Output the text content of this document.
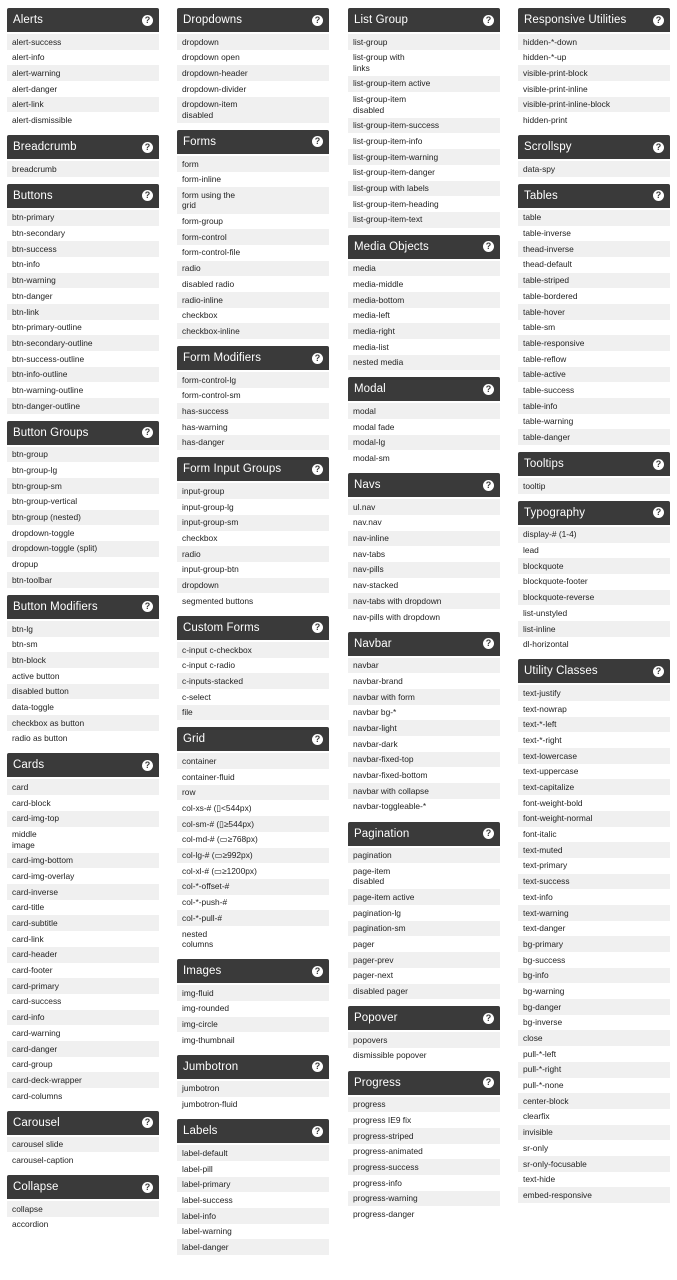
Alerts	?
alert-success
alert-info
alert-warning
alert-danger
alert-link
alert-dismissible
Breadcrumb	?
breadcrumb
Buttons	?
btn-primary
btn-secondary
btn-success
btn-info
btn-warning
btn-danger
btn-link
btn-primary-outline
btn-secondary-outline
btn-success-outline
btn-info-outline
btn-warning-outline
btn-danger-outline
Button Groups	?
btn-group
btn-group-lg
btn-group-sm
btn-group-vertical
btn-group (nested)
dropdown-toggle
dropdown-toggle (split)
dropup
btn-toolbar
Button Modifiers	?
btn-lg
btn-sm
btn-block
active button
disabled button
data-toggle
checkbox as button
radio as button
Cards	?
card
card-block
card-img-top
middle
image
card-img-bottom
card-img-overlay
card-inverse
card-title
card-subtitle
card-link
card-header
card-footer
card-primary
card-success
card-info
card-warning
card-danger
card-group
card-deck-wrapper
card-columns
Carousel	?
carousel slide
carousel-caption
Collapse	?
collapse
accordion
Dropdowns	?
dropdown
dropdown open
dropdown-header
dropdown-divider
dropdown-item
disabled
Forms	?
form
form-inline
form using the
grid
form-group
form-control
form-control-file
radio
disabled radio
radio-inline
checkbox
checkbox-inline
Form Modifiers	?
form-control-lg
form-control-sm
has-success
has-warning
has-danger
Form Input Groups	?
input-group
input-group-lg
input-group-sm
checkbox
radio
input-group-btn
dropdown
segmented buttons
Custom Forms	?
c-input c-checkbox
c-input c-radio
c-inputs-stacked
c-select
file
Grid	?
container
container-fluid
row
col-xs-# (▯<544px)
col-sm-# (▯≥544px)
col-md-# (▭≥768px)
col-lg-# (▭≥992px)
col-xl-# (▭≥1200px)
col-*-offset-#
col-*-push-#
col-*-pull-#
nested
columns
Images	?
img-fluid
img-rounded
img-circle
img-thumbnail
Jumbotron	?
jumbotron
jumbotron-fluid
Labels	?
label-default
label-pill
label-primary
label-success
label-info
label-warning
label-danger
List Group	?
list-group
list-group with
links
list-group-item active
list-group-item
disabled
list-group-item-success
list-group-item-info
list-group-item-warning
list-group-item-danger
list-group with labels
list-group-item-heading
list-group-item-text
Media Objects	?
media
media-middle
media-bottom
media-left
media-right
media-list
nested media
Modal	?
modal
modal fade
modal-lg
modal-sm
Navs	?
ul.nav
nav.nav
nav-inline
nav-tabs
nav-pills
nav-stacked
nav-tabs with dropdown
nav-pills with dropdown
Navbar	?
navbar
navbar-brand
navbar with form
navbar bg-*
navbar-light
navbar-dark
navbar-fixed-top
navbar-fixed-bottom
navbar with collapse
navbar-toggleable-*
Pagination	?
pagination
page-item
disabled
page-item active
pagination-lg
pagination-sm
pager
pager-prev
pager-next
disabled pager
Popover	?
popovers
dismissible popover
Progress	?
progress
progress IE9 fix
progress-striped
progress-animated
progress-success
progress-info
progress-warning
progress-danger
Responsive Utilities	?
hidden-*-down
hidden-*-up
visible-print-block
visible-print-inline
visible-print-inline-block
hidden-print
Scrollspy	?
data-spy
Tables	?
table
table-inverse
thead-inverse
thead-default
table-striped
table-bordered
table-hover
table-sm
table-responsive
table-reflow
table-active
table-success
table-info
table-warning
table-danger
Tooltips	?
tooltip
Typography	?
display-# (1-4)
lead
blockquote
blockquote-footer
blockquote-reverse
list-unstyled
list-inline
dl-horizontal
Utility Classes	?
text-justify
text-nowrap
text-*-left
text-*-right
text-lowercase
text-uppercase
text-capitalize
font-weight-bold
font-weight-normal
font-italic
text-muted
text-primary
text-success
text-info
text-warning
text-danger
bg-primary
bg-success
bg-info
bg-warning
bg-danger
bg-inverse
close
pull-*-left
pull-*-right
pull-*-none
center-block
clearfix
invisible
sr-only
sr-only-focusable
text-hide
embed-responsive
